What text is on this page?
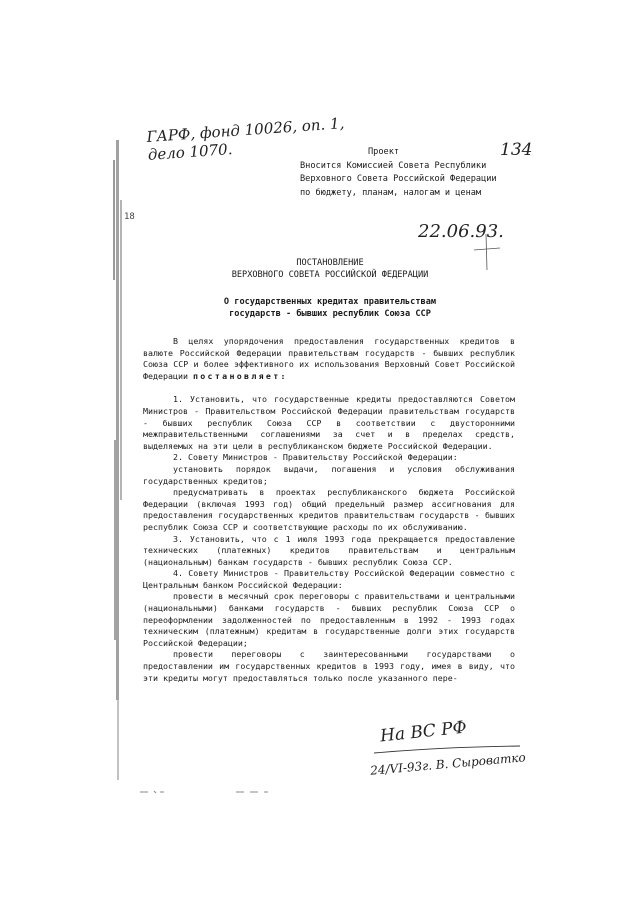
ГАРФ, фонд 10026, оп. 1,
дело 1070.	134
18
Проект
Вносится Комиссией Совета Республики
Верховного Совета Российской Федерации
по бюджету, планам, налогам и ценам
22.06.93.
ПОСТАНОВЛЕНИЕ
ВЕРХОВНОГО СОВЕТА РОССИЙСКОЙ ФЕДЕРАЦИИ
О государственных кредитах правительствам
государств - бывших республик Союза ССР

В целях упорядочения предоставления государственных кредитов в валюте Российской Федерации правительствам государств - бывших республик Союза ССР и более эффективного их использования Верховный Совет Российской Федерации постановляет:

1. Установить, что государственные кредиты предоставляются Советом Министров - Правительством Российской Федерации правительствам государств - бывших республик Союза ССР в соответствии с двусторонними межправительственными соглашениями за счет и в пределах средств, выделяемых на эти цели в республиканском бюджете Российской Федерации.

2. Совету Министров - Правительству Российской Федерации:

установить порядок выдачи, погашения и условия обслуживания государственных кредитов;

предусматривать в проектах республиканского бюджета Российской Федерации (включая 1993 год) общий предельный размер ассигнования для предоставления государственных кредитов правительствам государств - бывших республик Союза ССР и соответствующие расходы по их обслуживанию.

3. Установить, что с 1 июля 1993 года прекращается предоставление технических (платежных) кредитов правительствам и центральным (национальным) банкам государств - бывших республик Союза ССР.

4. Совету Министров - Правительству Российской Федерации совместно с Центральным банком Российской Федерации:

провести в месячный срок переговоры с правительствами и центральными (национальными) банками государств - бывших республик Союза ССР о переоформлении задолженностей по предоставленным в 1992 - 1993 годах техническим (платежным) кредитам в государственные долги этих государств Российской Федерации;

провести переговоры с заинтересованными государствами о предоставлении им государственных кредитов в 1993 году, имея в виду, что эти кредиты могут предоставляться только после указанного пере-

На ВС РФ
24/VI-93г. В. Сыроватко
